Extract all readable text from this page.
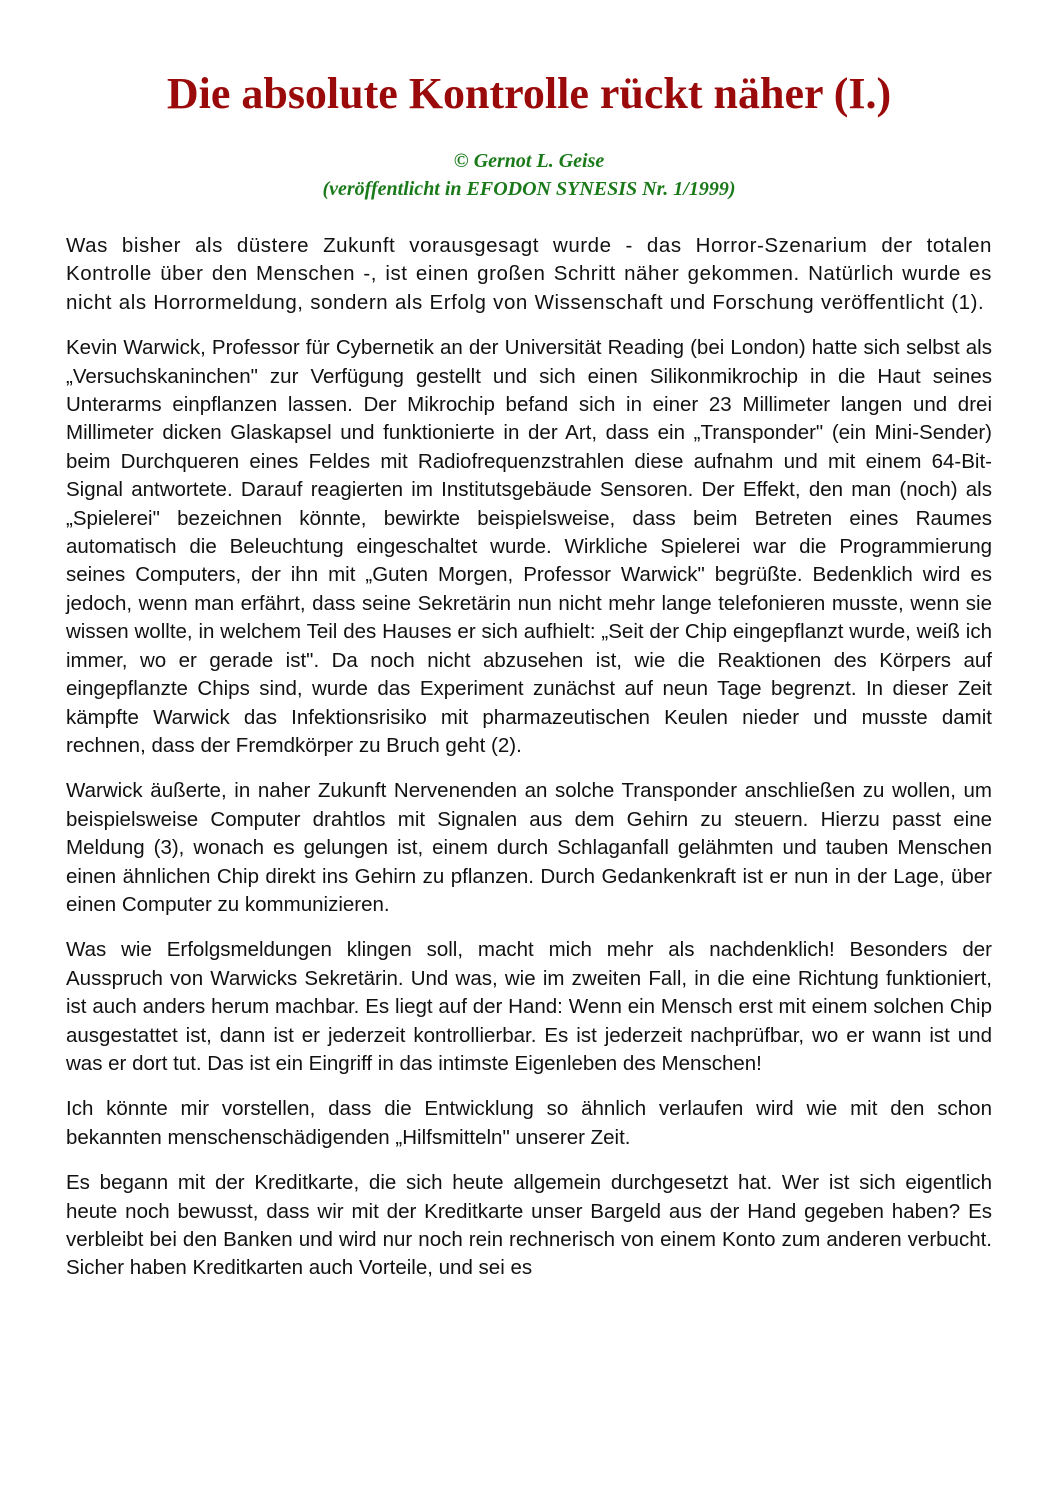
Die absolute Kontrolle rückt näher (I.)
© Gernot L. Geise
(veröffentlicht in EFODON SYNESIS Nr. 1/1999)

Was bisher als düstere Zukunft vorausgesagt wurde - das Horror-Szenarium der totalen Kontrolle über den Menschen -, ist einen großen Schritt näher gekommen. Natürlich wurde es nicht als Horrormeldung, sondern als Erfolg von Wissenschaft und Forschung veröffentlicht (1).

Kevin Warwick, Professor für Cybernetik an der Universität Reading (bei London) hatte sich selbst als „Versuchskaninchen" zur Verfügung gestellt und sich einen Silikonmikrochip in die Haut seines Unterarms einpflanzen lassen. Der Mikrochip befand sich in einer 23 Millimeter langen und drei Millimeter dicken Glaskapsel und funktionierte in der Art, dass ein „Transponder" (ein Mini-Sender) beim Durchqueren eines Feldes mit Radiofrequenzstrahlen diese aufnahm und mit einem 64-Bit-Signal antwortete. Darauf reagierten im Institutsgebäude Sensoren. Der Effekt, den man (noch) als „Spielerei" bezeichnen könnte, bewirkte beispielsweise, dass beim Betreten eines Raumes automatisch die Beleuchtung eingeschaltet wurde. Wirkliche Spielerei war die Programmierung seines Computers, der ihn mit „Guten Morgen, Professor Warwick" begrüßte. Bedenklich wird es jedoch, wenn man erfährt, dass seine Sekretärin nun nicht mehr lange telefonieren musste, wenn sie wissen wollte, in welchem Teil des Hauses er sich aufhielt: „Seit der Chip eingepflanzt wurde, weiß ich immer, wo er gerade ist". Da noch nicht abzusehen ist, wie die Reaktionen des Körpers auf eingepflanzte Chips sind, wurde das Experiment zunächst auf neun Tage begrenzt. In dieser Zeit kämpfte Warwick das Infektionsrisiko mit pharmazeutischen Keulen nieder und musste damit rechnen, dass der Fremdkörper zu Bruch geht (2).

Warwick äußerte, in naher Zukunft Nervenenden an solche Transponder anschließen zu wollen, um beispielsweise Computer drahtlos mit Signalen aus dem Gehirn zu steuern. Hierzu passt eine Meldung (3), wonach es gelungen ist, einem durch Schlaganfall gelähmten und tauben Menschen einen ähnlichen Chip direkt ins Gehirn zu pflanzen. Durch Gedankenkraft ist er nun in der Lage, über einen Computer zu kommunizieren.

Was wie Erfolgsmeldungen klingen soll, macht mich mehr als nachdenklich! Besonders der Ausspruch von Warwicks Sekretärin. Und was, wie im zweiten Fall, in die eine Richtung funktioniert, ist auch anders herum machbar. Es liegt auf der Hand: Wenn ein Mensch erst mit einem solchen Chip ausgestattet ist, dann ist er jederzeit kontrollierbar. Es ist jederzeit nachprüfbar, wo er wann ist und was er dort tut. Das ist ein Eingriff in das intimste Eigenleben des Menschen!

Ich könnte mir vorstellen, dass die Entwicklung so ähnlich verlaufen wird wie mit den schon bekannten menschenschädigenden „Hilfsmitteln" unserer Zeit.

Es begann mit der Kreditkarte, die sich heute allgemein durchgesetzt hat. Wer ist sich eigentlich heute noch bewusst, dass wir mit der Kreditkarte unser Bargeld aus der Hand gegeben haben? Es verbleibt bei den Banken und wird nur noch rein rechnerisch von einem Konto zum anderen verbucht. Sicher haben Kreditkarten auch Vorteile, und sei es
